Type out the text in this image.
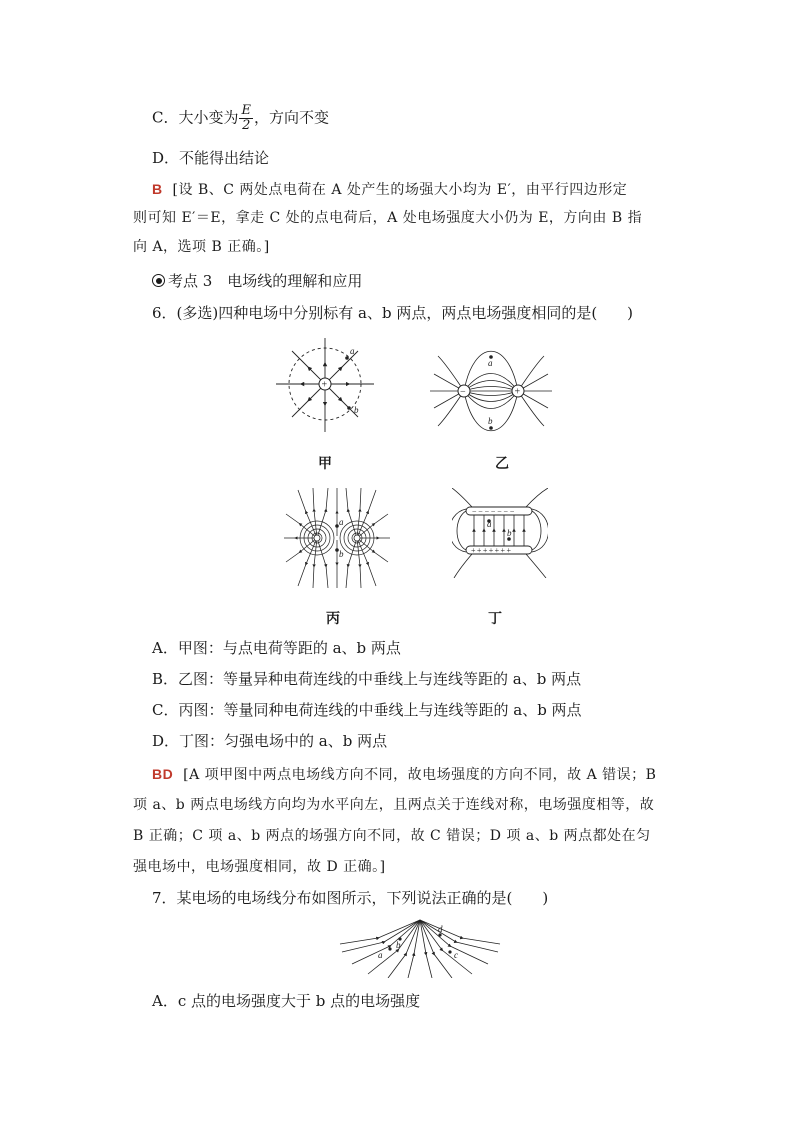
C．大小变为 $\frac{E}{2}$ ，方向不变
D．不能得出结论
B [设 B、C 两处点电荷在 A 处产生的场强大小均为 E′，由平行四边形定
则可知 E′＝E，拿走 C 处的点电荷后，A 处电场强度大小仍为 E，方向由 B 指
向 A，选项 B 正确。]
考点 3　电场线的理解和应用
6．(多选)四种电场中分别标有 a、b 两点，两点电场强度相同的是(　　)
+
a
b
甲
−	+
a
b
乙
a
b
丙
−−−−−−−
+++++++
a
b
丁
A．甲图：与点电荷等距的 a、b 两点
B．乙图：等量异种电荷连线的中垂线上与连线等距的 a、b 两点
C．丙图：等量同种电荷连线的中垂线上与连线等距的 a、b 两点
D．丁图：匀强电场中的 a、b 两点
BD [A 项甲图中两点电场线方向不同，故电场强度的方向不同，故 A 错误；B
项 a、b 两点电场线方向均为水平向左，且两点关于连线对称，电场强度相等，故
B 正确；C 项 a、b 两点的场强方向不同，故 C 错误；D 项 a、b 两点都处在匀
强电场中，电场强度相同，故 D 正确。]
7．某电场的电场线分布如图所示，下列说法正确的是(　　)
a
b
c
d
A．c 点的电场强度大于 b 点的电场强度
